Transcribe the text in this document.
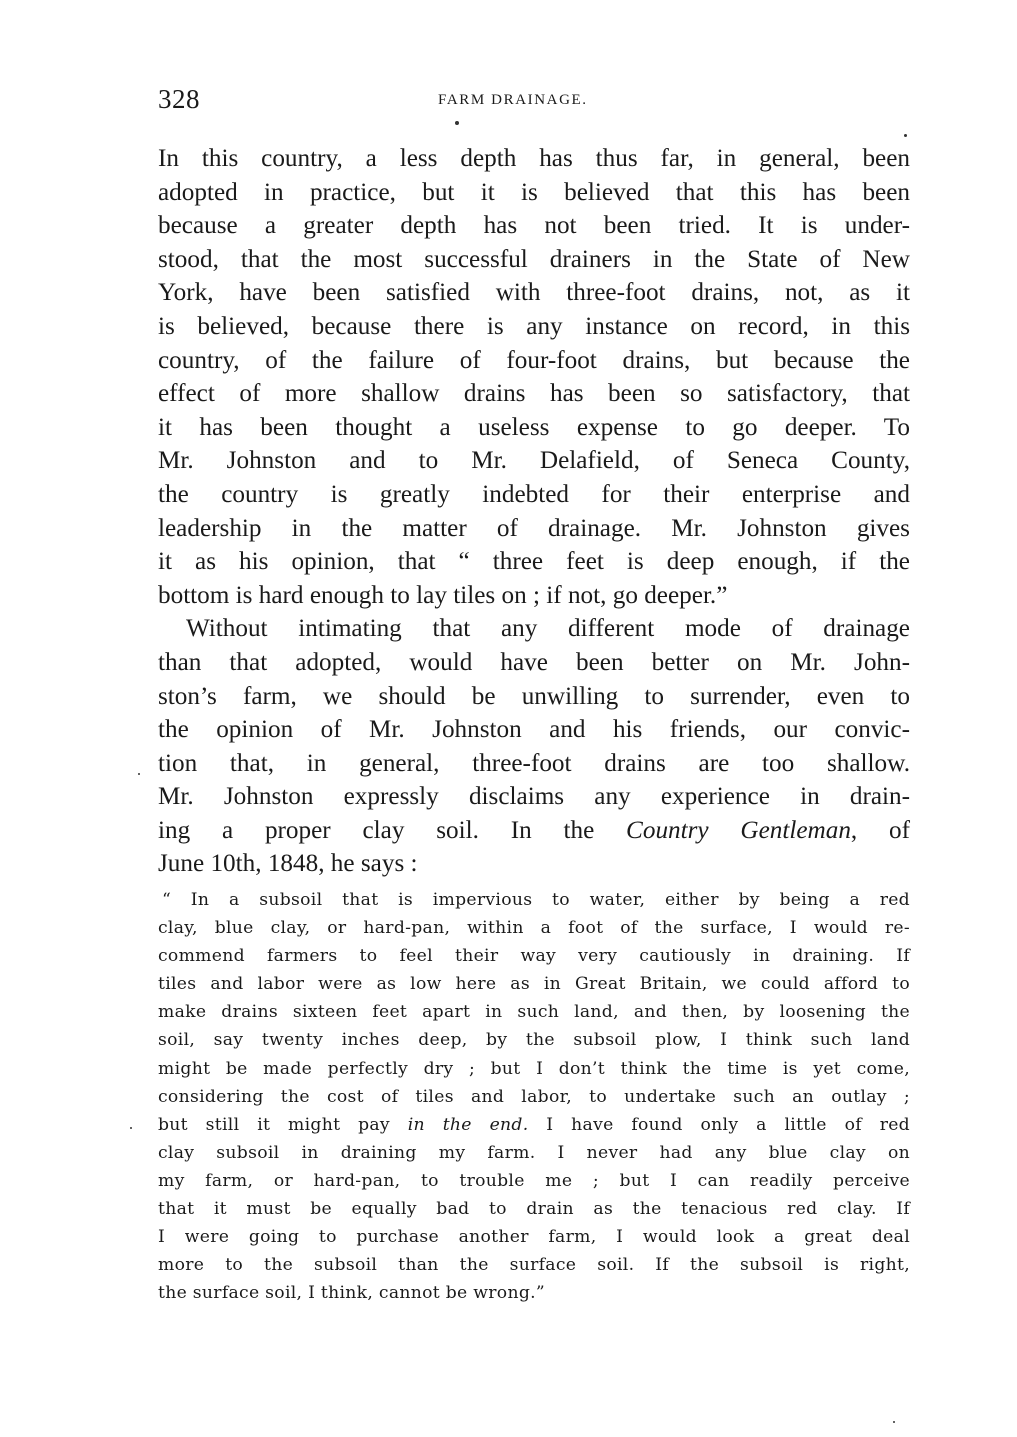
328	FARM DRAINAGE.
In this country, a less depth has thus far, in general, been
adopted in practice, but it is believed that this has been
because a greater depth has not been tried. It is under-
stood, that the most successful drainers in the State of New
York, have been satisfied with three-foot drains, not, as it
is believed, because there is any instance on record, in this
country, of the failure of four-foot drains, but because the
effect of more shallow drains has been so satisfactory, that
it has been thought a useless expense to go deeper. To
Mr. Johnston and to Mr. Delafield, of Seneca County,
the country is greatly indebted for their enterprise and
leadership in the matter of drainage. Mr. Johnston gives
it as his opinion, that “ three feet is deep enough, if the
bottom is hard enough to lay tiles on ; if not, go deeper.”
Without intimating that any different mode of drainage
than that adopted, would have been better on Mr. John-
ston’s farm, we should be unwilling to surrender, even to
the opinion of Mr. Johnston and his friends, our convic-
tion that, in general, three-foot drains are too shallow.
Mr. Johnston expressly disclaims any experience in drain-
ing a proper clay soil. In the Country Gentleman, of
June 10th, 1848, he says :
“ In a subsoil that is impervious to water, either by being a red
clay, blue clay, or hard-pan, within a foot of the surface, I would re-
commend farmers to feel their way very cautiously in draining. If
tiles and labor were as low here as in Great Britain, we could afford to
make drains sixteen feet apart in such land, and then, by loosening the
soil, say twenty inches deep, by the subsoil plow, I think such land
might be made perfectly dry ; but I don’t think the time is yet come,
considering the cost of tiles and labor, to undertake such an outlay ;
but still it might pay in the end. I have found only a little of red
clay subsoil in draining my farm. I never had any blue clay on
my farm, or hard-pan, to trouble me ; but I can readily perceive
that it must be equally bad to drain as the tenacious red clay. If
I were going to purchase another farm, I would look a great deal
more to the subsoil than the surface soil. If the subsoil is right,
the surface soil, I think, cannot be wrong.”
